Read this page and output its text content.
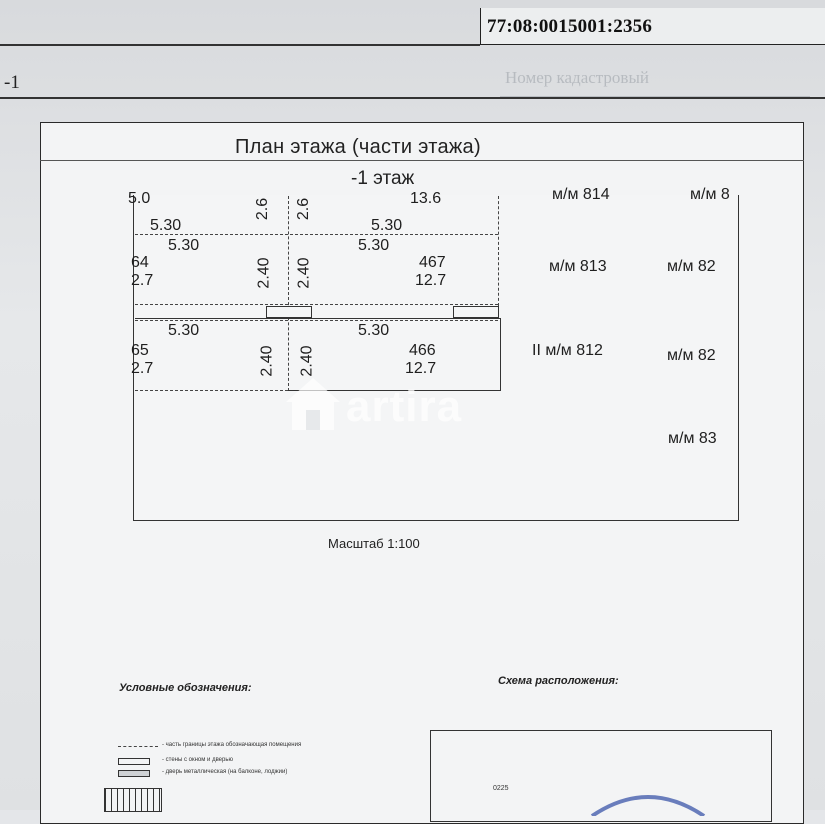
77:08:0015001:2356
-1	Номер кадастровый
План этажа (части этажа)
-1 этаж
5.0	13.6	м/м 814	м/м 8
2.6 2.6
5.30
5.30
5.30
5.30
64
2.7
467
12.7
2.40 2.40	м/м 813	м/м 82
5.30	5.30
65
2.7
466
12.7
2.40 2.40	II м/м 812	м/м 82
м/м 83
artira
Масштаб 1:100
Условные обозначения:
- часть границы этажа обозначающая помещения
- стены с окном и дверью
- дверь металлическая (на балконе, лоджии)
Схема расположения:
0225
